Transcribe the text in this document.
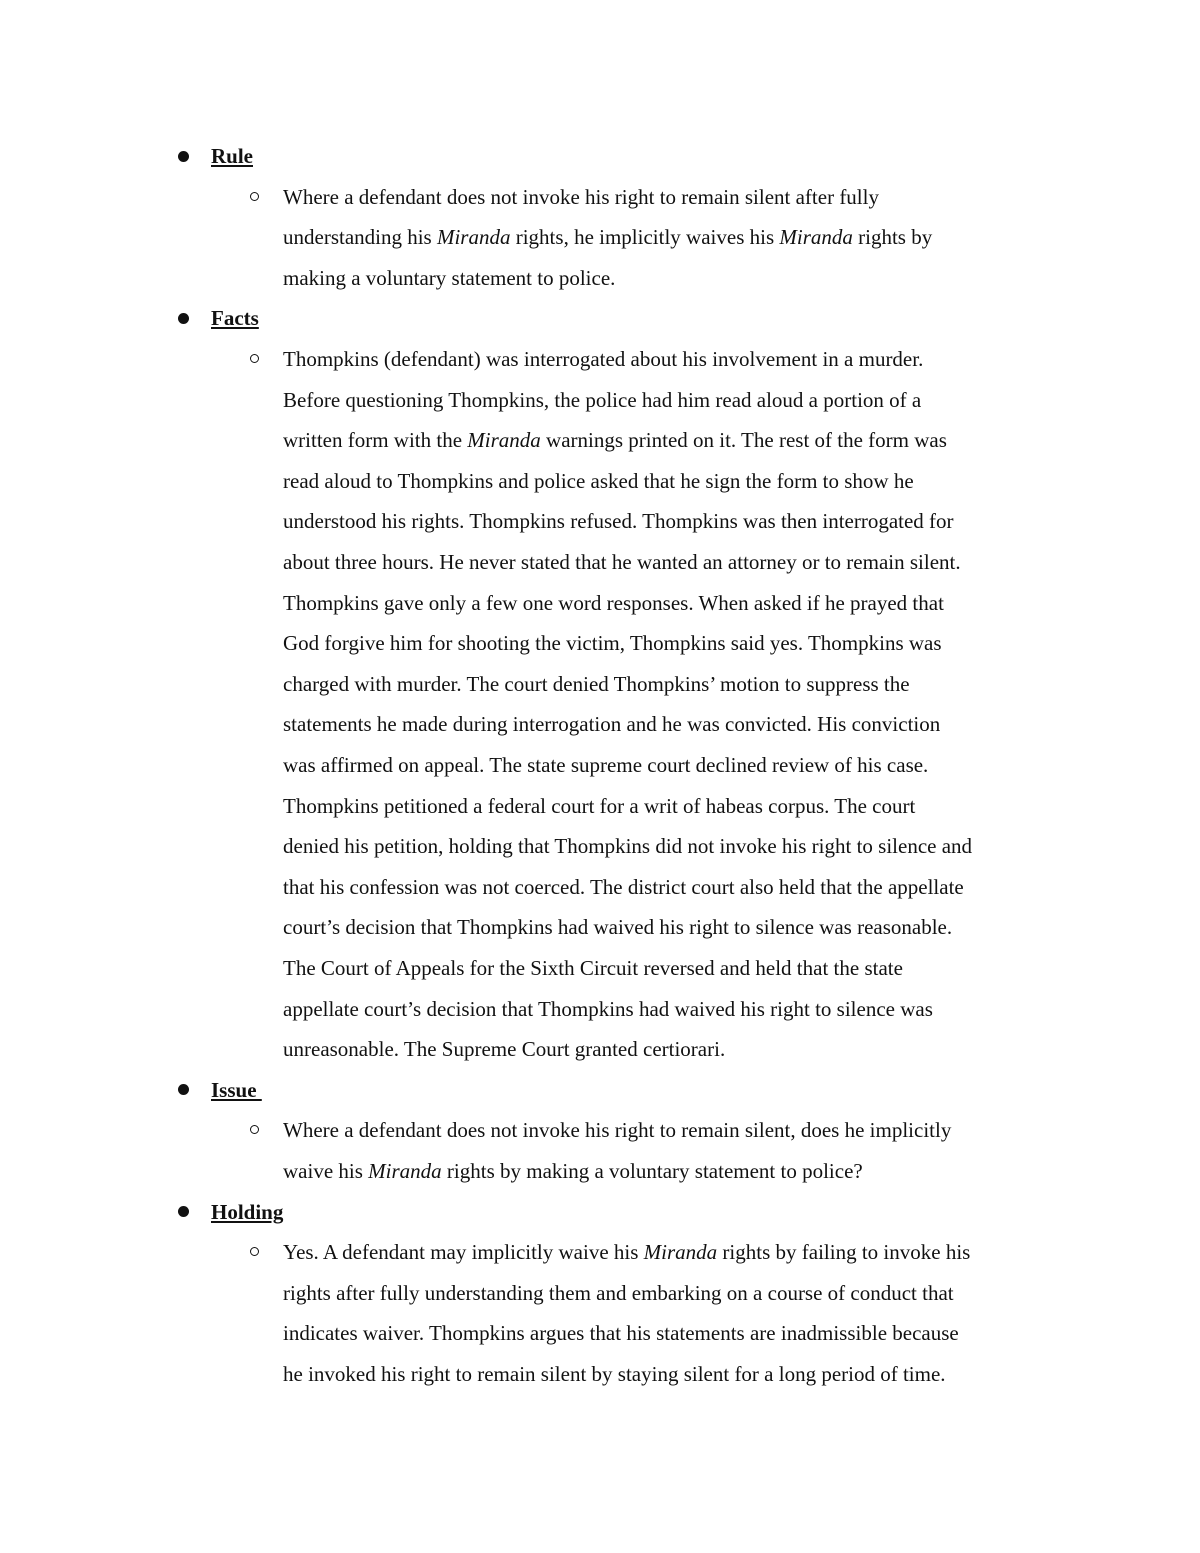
Rule
Where a defendant does not invoke his right to remain silent after fully
understanding his Miranda rights, he implicitly waives his Miranda rights by
making a voluntary statement to police.
Facts
Thompkins (defendant) was interrogated about his involvement in a murder.
Before questioning Thompkins, the police had him read aloud a portion of a
written form with the Miranda warnings printed on it. The rest of the form was
read aloud to Thompkins and police asked that he sign the form to show he
understood his rights. Thompkins refused. Thompkins was then interrogated for
about three hours. He never stated that he wanted an attorney or to remain silent.
Thompkins gave only a few one word responses. When asked if he prayed that
God forgive him for shooting the victim, Thompkins said yes. Thompkins was
charged with murder. The court denied Thompkins’ motion to suppress the
statements he made during interrogation and he was convicted. His conviction
was affirmed on appeal. The state supreme court declined review of his case.
Thompkins petitioned a federal court for a writ of habeas corpus. The court
denied his petition, holding that Thompkins did not invoke his right to silence and
that his confession was not coerced. The district court also held that the appellate
court’s decision that Thompkins had waived his right to silence was reasonable.
The Court of Appeals for the Sixth Circuit reversed and held that the state
appellate court’s decision that Thompkins had waived his right to silence was
unreasonable. The Supreme Court granted certiorari.
Issue
Where a defendant does not invoke his right to remain silent, does he implicitly
waive his Miranda rights by making a voluntary statement to police?
Holding
Yes. A defendant may implicitly waive his Miranda rights by failing to invoke his
rights after fully understanding them and embarking on a course of conduct that
indicates waiver. Thompkins argues that his statements are inadmissible because
he invoked his right to remain silent by staying silent for a long period of time.
